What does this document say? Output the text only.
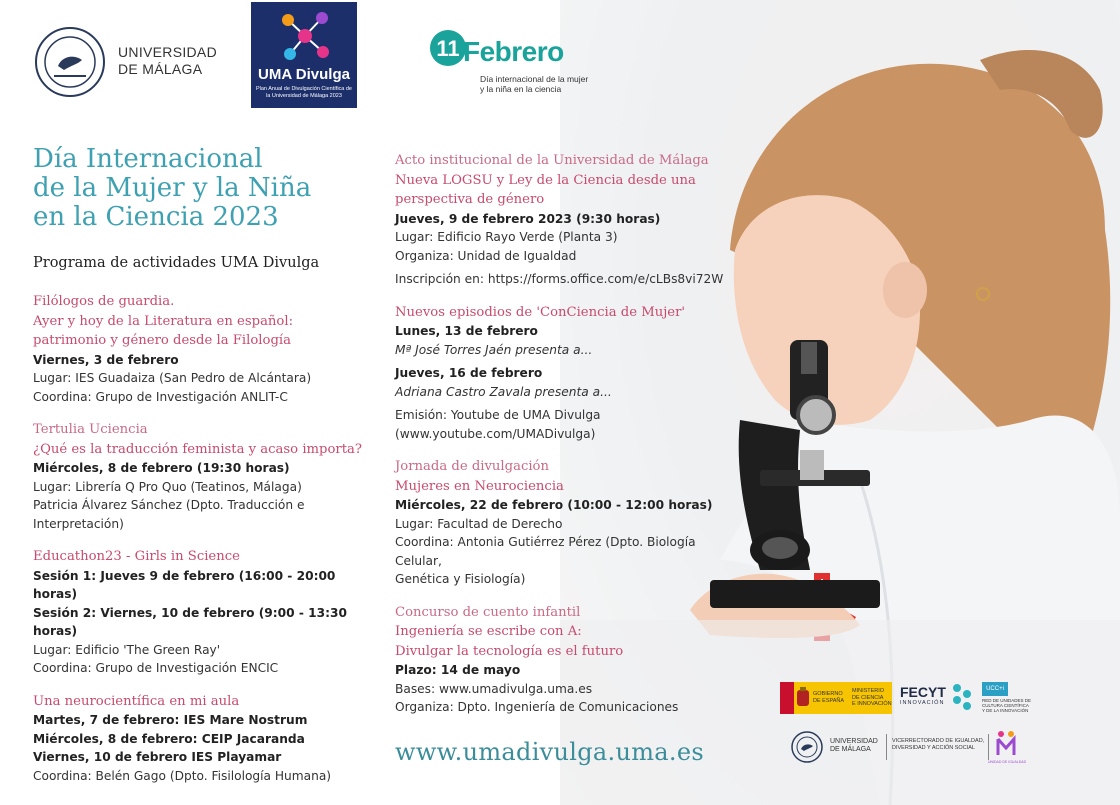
UNIVERSIDAD
DE MÁLAGA	UMA Divulga
Plan Anual de Divulgación Científica de la Universidad de Málaga 2023
11 Febrero
Día internacional de la mujer
y la niña en la ciencia
Día Internacional
de la Mujer y la Niña
en la Ciencia 2023
Programa de actividades UMA Divulga
Filólogos de guardia.
Ayer y hoy de la Literatura en español:
patrimonio y género desde la Filología
Viernes, 3 de febrero
Lugar: IES Guadaiza (San Pedro de Alcántara)
Coordina: Grupo de Investigación ANLIT-C
Tertulia Uciencia
¿Qué es la traducción feminista y acaso importa?
Miércoles, 8 de febrero (19:30 horas)
Lugar: Librería Q Pro Quo (Teatinos, Málaga)
Patricia Álvarez Sánchez (Dpto. Traducción e
Interpretación)
Educathon23 - Girls in Science
Sesión 1: Jueves 9 de febrero (16:00 - 20:00 horas)
Sesión 2: Viernes, 10 de febrero (9:00 - 13:30 horas)
Lugar: Edificio 'The Green Ray'
Coordina: Grupo de Investigación ENCIC
Una neurocientífica en mi aula
Martes, 7 de febrero: IES Mare Nostrum
Miércoles, 8 de febrero: CEIP Jacaranda
Viernes, 10 de febrero IES Playamar
Coordina: Belén Gago (Dpto. Fisilología Humana)
Acto institucional de la Universidad de Málaga
Nueva LOGSU y Ley de la Ciencia desde una
perspectiva de género
Jueves, 9 de febrero 2023 (9:30 horas)
Lugar: Edificio Rayo Verde (Planta 3)
Organiza: Unidad de Igualdad
Inscripción en: https://forms.office.com/e/cLBs8vi72W
Nuevos episodios de 'ConCiencia de Mujer'
Lunes, 13 de febrero
Mª José Torres Jaén presenta a...
Jueves, 16 de febrero
Adriana Castro Zavala presenta a...
Emisión: Youtube de UMA Divulga
(www.youtube.com/UMADivulga)
Jornada de divulgación
Mujeres en Neurociencia
Miércoles, 22 de febrero (10:00 - 12:00 horas)
Lugar: Facultad de Derecho
Coordina: Antonia Gutiérrez Pérez (Dpto. Biología Celular,
Genética y Fisiología)
Concurso de cuento infantil
Ingeniería se escribe con A:
Divulgar la tecnología es el futuro
Plazo: 14 de mayo
Bases: www.umadivulga.uma.es
Organiza: Dpto. Ingeniería de Comunicaciones
www.umadivulga.uma.es
GOBIERNO
DE ESPAÑA
MINISTERIO
DE CIENCIA
E INNOVACIÓN
FECYT
INNOVACIÓN
UCC+i
RED DE UNIDADES DE
CULTURA CIENTÍFICA
Y DE LA INNOVACIÓN
UNIVERSIDAD
DE MÁLAGA
VICERRECTORADO DE IGUALDAD,
DIVERSIDAD Y ACCIÓN SOCIAL
UNIDAD DE IGUALDAD
